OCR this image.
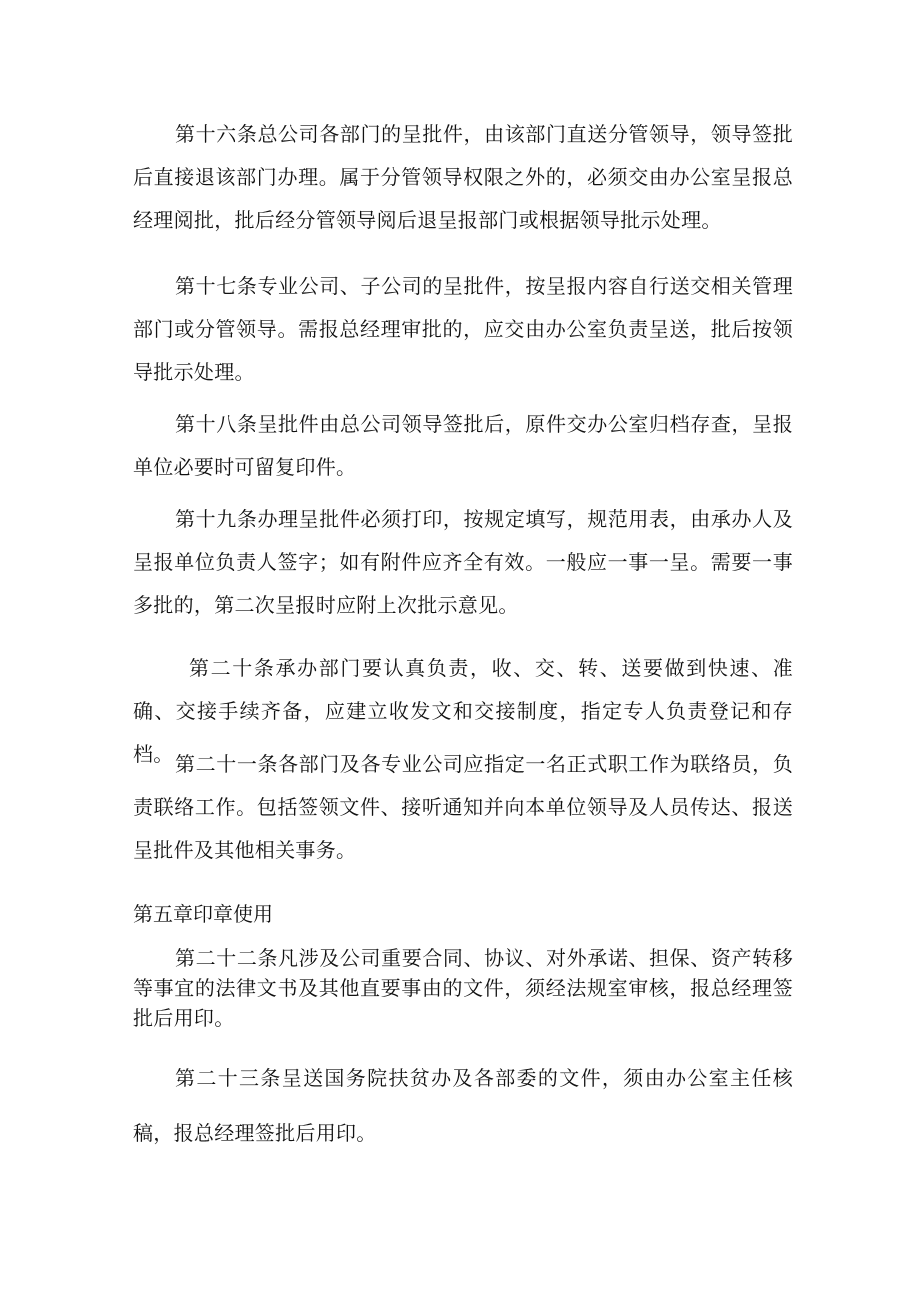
第十六条总公司各部门的呈批件，由该部门直送分管领导，领导签批后直接退该部门办理。属于分管领导权限之外的，必须交由办公室呈报总经理阅批，批后经分管领导阅后退呈报部门或根据领导批示处理。

第十七条专业公司、子公司的呈批件，按呈报内容自行送交相关管理部门或分管领导。需报总经理审批的，应交由办公室负责呈送，批后按领导批示处理。

第十八条呈批件由总公司领导签批后，原件交办公室归档存查，呈报单位必要时可留复印件。

第十九条办理呈批件必须打印，按规定填写，规范用表，由承办人及呈报单位负责人签字；如有附件应齐全有效。一般应一事一呈。需要一事多批的，第二次呈报时应附上次批示意见。

第二十条承办部门要认真负责，收、交、转、送要做到快速、准确、交接手续齐备，应建立收发文和交接制度，指定专人负责登记和存档。 第二十一条各部门及各专业公司应指定一名正式职工作为联络员，负责联络工作。包括签领文件、接听通知并向本单位领导及人员传达、报送呈批件及其他相关事务。

第五章印章使用

第二十二条凡涉及公司重要合同、协议、对外承诺、担保、资产转移等事宜的法律文书及其他直要事由的文件，须经法规室审核，报总经理签批后用印。

第二十三条呈送国务院扶贫办及各部委的文件，须由办公室主任核稿，报总经理签批后用印。
